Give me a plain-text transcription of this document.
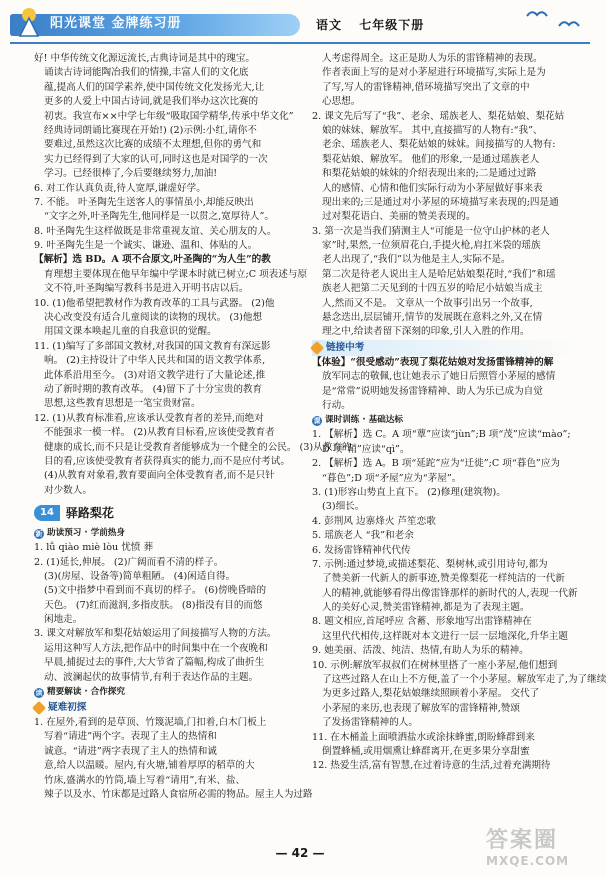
阳光课堂 金牌练习册	语文 七年级下册
好! 中华传统文化源远流长,古典诗词是其中的瑰宝。
诵读古诗词能陶冶我们的情操,丰富人们的文化底
蕴,提高人们的国学素养,使中国传统文化发扬光大,让
更多的人爱上中国古诗词,就是我们举办这次比赛的
初衷。我宣布××中学七年级“吸取国学精华,传承中华文化”
经典诗词朗诵比赛现在开始!) (2)示例:小红,请你不
要难过,虽然这次比赛的成绩不太理想,但你的勇气和
实力已经得到了大家的认可,同时这也是对国学的一次
学习。已经很棒了,今后要继续努力,加油!
6. 对工作认真负责,待人宽厚,谦虚好学。
7. 不能。 叶圣陶先生送客人的事情虽小,却能反映出
“文字之外,叶圣陶先生,他同样是一以贯之,宽厚待人”。
8. 叶圣陶先生这样做既是非常重视友谊、关心朋友的人。
9. 叶圣陶先生是一个诚实、谦逊、温和、体贴的人。
【解析】选 BD。A 项不合原文,叶圣陶的“为人生”的教
育理想主要体现在他早年编中学课本时就已树立;C 项表述与原
文不符,叶圣陶编写教科书是进入开明书店以后。
10. (1)他希望把教材作为教育改革的工具与武器。 (2)他
决心改变没有适合儿童阅读的读物的现状。 (3)他想
用国文课本唤起儿童的自我意识的觉醒。
11. (1)编写了多部国文教材,对我国的国文教育有深远影
响。 (2)主持设计了中华人民共和国的语文教学体系,
此体系沿用至今。 (3)对语文教学进行了大量论述,推
动了新时期的教育改革。 (4)留下了十分宝贵的教育
思想,这些教育思想是一笔宝贵财富。
12. (1)从教育标准看,应该承认受教育者的差异,而绝对
不能强求一模一样。 (2)从教育目标看,应该使受教育者
健康的成长,而不只是让受教育者能够成为一个健全的公民。 (3)从教育的
目的看,应该使受教育者获得真实的能力,而不是应付考试。
(4)从教育对象看,教育要面向全体受教育者,而不是只针
对少数人。
14	驿路梨花
新 助读预习 · 学前热身
1. lǚ qiào miè lòu 忧愤 葬
2. (1)延长,伸展。 (2)广阔而看不清的样子。
(3)(房屋、设备等)简单粗陋。 (4)闲适自得。
(5)文中指梦中看到而不真切的样子。 (6)傍晚昏暗的
天色。 (7)红而滋润,多指皮肤。 (8)指没有目的而悠
闲地走。
3. 课文对解放军和梨花姑娘运用了间接描写人物的方法。
运用这种写人方法,把作品中的时间集中在一个夜晚和
早晨,捕捉过去的事件,大大节省了篇幅,构成了曲折生
动、波澜起伏的故事情节,有利于表达作品的主题。
读 精要解读 · 合作探究
疑难初探
1. 在屋外,看到的是草顶、竹篾泥墙,门扣着,白木门板上
写着“请进”两个字。表现了主人的热情和
诚意。“请进”两字表现了主人的热情和诚
意,给人以温暖。屋内,有火塘,铺着厚厚的稻草的大
竹床,盛满水的竹筒,墙上写着“请用”,有米、盐、
辣子以及水、竹床都是过路人食宿所必需的物品。屋主人为过路
人考虑得周全。这正是助人为乐的雷锋精神的表现。
作者表面上写的是对小茅屋进行环境描写,实际上是为
了写,写人的雷锋精神,借环境描写突出了文章的中
心思想。
2. 课文先后写了“我”、老余、瑶族老人、梨花姑娘、梨花姑
娘的妹妹、解放军。 其中,直接描写的人物有:“我”、
老余、瑶族老人、梨花姑娘的妹妹。间接描写的人物有:
梨花姑娘、解放军。 他们的形象,一是通过瑶族老人
和梨花姑娘的妹妹的介绍表现出来的;二是通过过路
人的感情、心情和他们实际行动为小茅屋做好事来表
现出来的;三是通过对小茅屋的环境描写来表现的;四是通
过对梨花语白、美丽的赞美表现的。
3. 第一次是当我们猜测主人“可能是一位守山护林的老人
家”时,果然,一位须眉花白,手提火枪,肩扛米袋的瑶族
老人出现了,“我们”以为他是主人,实际不是。
第二次是待老人说出主人是哈尼姑娘梨花时,“我们”和瑶
族老人把第二天见到的十四五岁的哈尼小姑娘当成主
人,然而又不是。 文章从一个故事引出另一个故事,
悬念迭出,层层铺开,情节的发展既在意料之外,又在情
理之中,给读者留下深刻的印象,引人入胜的作用。
链接中考
【体验】“很受感动”表现了梨花姑娘对发扬雷锋精神的解
放军同志的敬佩,也让她表示了她日后照管小茅屋的感情
是“常常”说明她发扬雷锋精神、助人为乐已成为自觉
行动。
课 课时训练 · 基础达标
1. 【解析】选 C。A 项“蕈”应读“jùn”;B 项“茂”应读“mào”;
D 项“鞘”应读“qì”。
2. 【解析】选 A。B 项“延跎”应为“迁徙”;C 项“暮色”应为
“暮色”;D 项“矛屋”应为“茅屋”。
3. (1)形容山势直上直下。 (2)修理(建筑物)。
(3)细长。
4. 彭荆风 边寨烽火 芦笙恋歌
5. 瑶族老人 “我”和老余
6. 发扬雷锋精神代代传
7. 示例:通过梦境,或描述梨花、梨树林,或引用诗句,都为
了赞美新一代新人的新事迹,赞美像梨花一样纯洁的一代新
人的精神,就能够看得出像雷锋那样的新时代的人,表现一代新
人的美好心灵,赞美雷锋精神,都是为了表现主题。
8. 题文相应,首尾呼应 含蓄、形象地写出雷锋精神在
这里代代相传,这样既对本文进行一层一层地深化,升华主题
9. 她美丽、活泼、纯洁、热情,有助人为乐的精神。
10. 示例:解放军叔叔们在树林里搭了一座小茅屋,他们想到
了这些过路人在山上不方便,盖了一个小茅屋。解放军走了,为了继续
为更多过路人,梨花姑娘继续照顾着小茅屋。 交代了
小茅屋的来历,也表现了解放军的雷锋精神,赞颂
了发扬雷锋精神的人。
11. 在木桶盖上面喷洒盐水或涂抹蜂蜜,朗盼蜂群到来
倒置蜂桶,或用烟熏让蜂群离开,在更多果分享甜蜜
12. 热爱生活,富有智慧,在过着诗意的生活,过着充满期待
— 42 —	答案圈
MXQE.COM
